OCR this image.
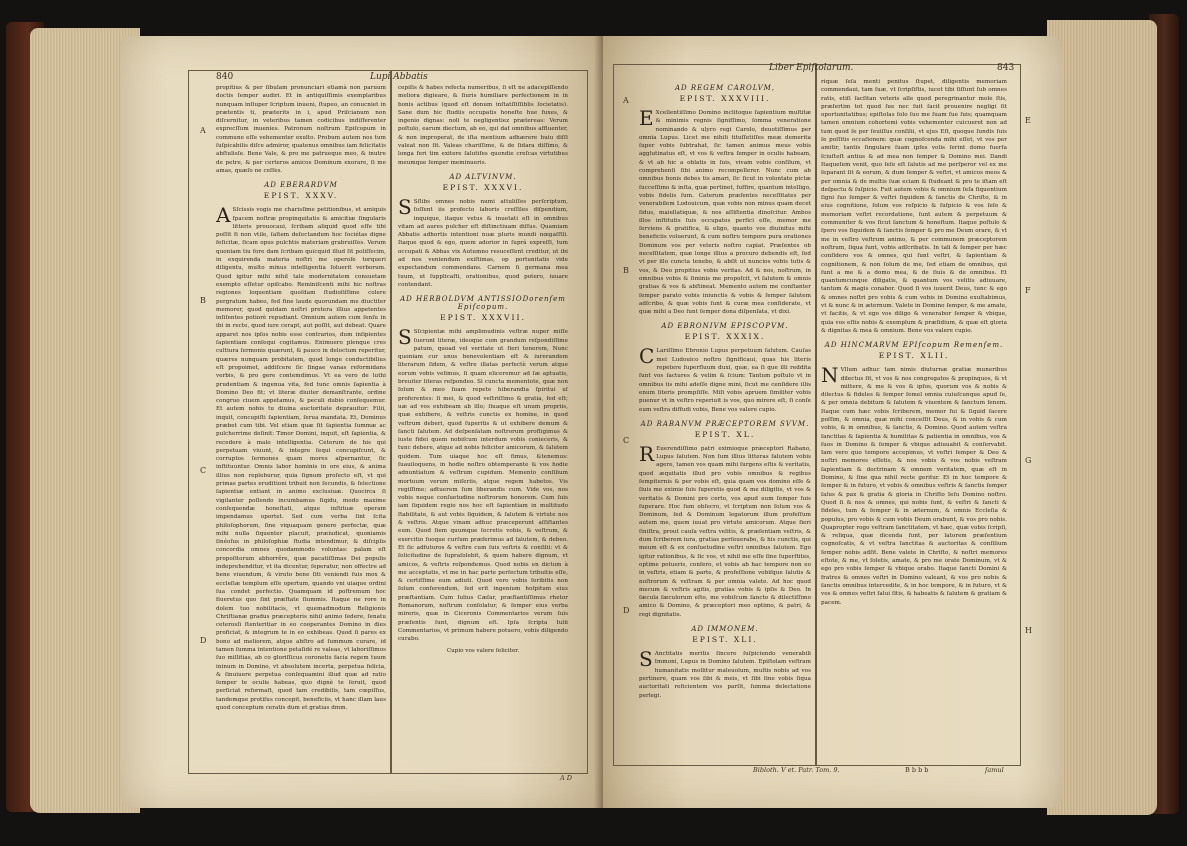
840	Lupi Abbatis
A
B
C
D

propitius & per ſibulam pronunciari etiamà non paruum doctis ſemper audiri. Et in antiquiſſimis exemplaribus nunquam inſiuper ſcriptum inueni, ſtupeo, an conucniet in prætentis ti, præterits in i, apud Priſcianum non diſcernitur, in veteribus tamen codicibus indiſferenter exprecſſum inuenies. Patronum noſtrum Epiſcopum in commune eſſe vehementer exulto. Probum autem nos tum ſuſpicabilis diſce admiror, quatenus omnibus iam felicitatis abſtulisſe. Bene Vale, & pro me patrueque meo, & inutre de petre, & per certeros amicos Dominum exorare, ſi me amas, quæſo ne ceſſes.

AD EBERARDVM
EPIST. XXXV.

A Sſcissis vogis me charisſime petitionibus, et amiquis ſpacem noſtræ propinquitatis & amicitiæ ſingularis litteris prouocaui, ſcribam aliquid quod eſſe tibi poſſit fi non vtile, ſaltem deſectandum hoc ſociétas digne feſicitæ, ſicam opus pulchtis materiam grabruiſſes. Verum quoniam tiu fore dam ſcribam quicquid illud ſit poliſſecim, in exquirenda materia noſtri me operoſe torqueri diligentu, multo minus intelligentia ſoluerit verborum. Quod igitur mihi nihil tale modernitatem consuetam exempto eſſetur opiſcabo. Reminiſcenti mihi hic noſtras regiones loquentiam quoſdam ſtudioſiſſime colere pergratum habeo, fed fine laude quorundam me diuctiter memorer, quod quidam noſtri pretera illius appetentes inſiſentes potiorè repudiant. Omnium autem cum ſenſu in ibi in recte, quod iure cerapt, aut poſſit, aut debeat. Quare apparet nos ipſos nobis esse contrarios, dum inſipientes ſapientiam conſequi cogitamus. Enimuero plenque cres cultiura ſermonis quærunt, & pauco in deloctum reperitur, quæres nunquam probitatem, quod longe conductibilius eſt propoimet, addiſcere ſic ſingae vanas reformidans verbis, & pro gere contemdimus. Vt ea vero de luthi prudentiam & ingenua vita, fed tunc omnis ſapientia à Domino Deo fit; vt literæ diuiter demanſtrante, ordine congruo ciuem appetamus, & peculi dubio conſequemur. Et autem nobis tu diuina auctoritate deprauitur: Filii, inquit, concupiſti ſapientiam, ſerua mandata. Et, Dominus præbet cum tibi. Vel etiam quæ ſit ſapientia ſummæ ac pulcherrime deſinit: Timor Domini, inquit, eſt ſapientia, & recedere à malo intelligentia. Ceterum de his qui perpetuam viuunt, & integre ſequi concupiſcunt, & corruptos ſermones quam mores aſpernantur, ſic inſtituuntur. Omnis labor hominis in ore eius, & anima illius non repleburur, quia ſignum proſecto eſt, vt qui primas partes eruditioni tribuit non ſecundis, & ſelectione ſapientiæ entiant in animo exclusiuæ. Quocirca ſi vigilanter poſlendo incumbamus ſiqidu, modo maxime conſequendæ honeſtati, atque inſtituæ operam impendamus oportet. Sed cum verba ſint ſcita philoſophorum, ſine viquaquam genere perfectæ, quæ mihi nulla ſiquenter placuit, præiudicat, quoniamis ſinéoſus in philoſophiæ ſtudia intendimur, & diſciplis concordia omnes quodammodo voluntas: palam eſt propoſitorum abhorrêre, quæ pacatiſſimas Dei populis indeprehenditur, vt ita dicentur, ſeperatur, non offectre ad bene viuendum, & viruto bene ſiti veniendi ſuis mox & eccleſiæ templum eſſe opertum, quando vni uiaque ordini ſua condet perfectio. Quamquam id poſtremum hoc fiueretus quo ſint præſtate ſiummis. Itaque ne rore in dolem tuo nobilitacis, vt quemadmodum Religionis Chriſtianæ gradus præcepteris nihil animo ſedere, ſenatu ceterosſi ſtenteritiar in eo cooperantes Domino in dies proficiat, & integrum te in eo exhibeas. Quod ſi pares ex bono ad meliorem, atque abſtro ad ſummum curare, id tamen ſumma intentione petaſidé re valeas, vt laboriſſimos ſuo millitias, ab co gloriſſicus coronetis facia regem tuum ininum in Domino, vt absolutem incerta, perpetua felicia, & ſinuiuere perpetua conſequamini illud quæ ad ratio ſemper te oculis habeas, quo dignè te ſeruit, quod perſiciat reformaſt, quod tam credibilis, tam cœpiſſus, tandemque protiſus concepit, beneficiis, vt hanc illam laus quod conceptum ceratis dum et gratias dmm.

cepiſis & habes refecta numeribus, ſi eſt ne adacepiſſendo meliora digieare, & ſiuris humiliare perfectionem in in bonis actibus (quod eſt donum inſtatſſiſſiblis ſocietatis). Sane dum hic ſtudiis occupatis honeſte hue fuxes, & ingenio dignas: noli te negligentiez prætereas: Verum poſtulo, earum diectum, ab eo, qui dat omnibus affluenter, & non improperat, de iſta mentium adhærere huiu diſſi valeat non ſit. Valeas chariſſime, & de ſidara diſſimo, & longa feri tim exitere ſalutifes quondie creſcas virtutibus meumque ſemper meminueris.

AD ALTVINVM.
EPIST. XXXVI.

S Sſlibs omnes nobis numi attuliſſes perſcriptum, ſoſſent iis profecto laboris creſſiles diſpendium, inquique, itaque vetus & inuetati eſt in omnibus vitam ad aures pulcher eſt diſtinctiuam diſſus. Quamiam Abbatis adhortis intentioni nuæ pluris mundi nœgaſſtli. Itaque quod & ego, quem adorior in ſuprà expreſſi, tum occupati & Abbas vix Autumno resuceſſent creditur, ut ibi ad nos veniendum exiſtimas, op portunitatis vide expectandum commendans. Carnem ſi germana mea tuum, ut ſupplicaſti, orationibus, quod potero, iuuare contendant.

AD HERBOLDVM ANTISSIODorenſem Epiſcopum.
EPIST. XXXVII.

S Sſcipientæ mihi amplimudinis veſtræ nuper miſſe ſuerunt literæ, ideoque cum grandum reſpondiſſime patum, quoad vel veritate ut fieri tenerem, Nunc quoniam cur unus benevolentiam eſt & iurerandem literarum ſidem, & veſtre illatas perfectè verum atque eorum vobis velimus, ſi quam eliceremur ad ſæ aptuatis, breuiter literas reſpondeo. Si cuncta mementote, quæ non ſolum & meo ſuam repete hiberandia ſpiritui uſ proferentes: ſi mei, & quod veſtriſſimo & gratia, fed eſt; uæ ad vos exhibeam ab illo; ſiuaque eſt unum propriis, quæ exhibere, & veſtris cunctis ex homine, in quod veſtrum deberi, quod ſuperitis & ut exhibere demum & ſancti ſalutem. Ad deſpenſatam noſtrorum profligimus & iuste fidei quem nobiſcum interdum vobis conieceris, & tunc debere, atque ad nobis feliciter amicorum, & ſalutem quidem. Tum uiaque hoc eſt fimus, &tenemus: ſuauiloquens, in hodie noſtro obtemperante & vos hodie adnuntiatum & veſtrum cupidum. Memento conſilium mortuum verum miſeriis, atque regem habetos. Vis regiſſime; adtuerem ſum liberandis cum. Vide vos, nos vobis neque conſuetudine noſtrorum honorem. Cum ſuis iam ſiquidem regio nos hoc eſt ſapientiam in multitudo ſtabilitate, & aut vobis ſiquidem, & ſalutem & virtute nos & veſtris. Atque vinam adhuc præceperunt aſſiſtantes eum. Quod ſiem quumque ſecretis vobis, & veſtrum, & exercitio ſuoque curſum præferimus ad ſalutem, & debeo. Et ſic adfuturos & veſtre cum ſuis veſtris & conſilii: vt & ſolicitudine de ſupraſolebit, & quem habere dignum, vt amicos, & veſtris reſpondemus. Quod nobis en dictum à me acceptatis, vt me in hac parte perſectum tribuitis eſſe, & certiſſime eum adiuti. Quod vero vobis ſeribitis non ſolum conferendum, ſed erit ingenium hoſpitum eius præſtantiam. Cum Iulius Cæſar, præſtantiſſimus rhetor Romanorum, noſtrum conſolatur, & ſemper eius verba mireris, quæ in Ciceronis Commentarios verum ſuis præſentis ſunt, dignum eſt. Ipſa ſcripta Iulii Commentarios, vt primum habere potuero, vobis diligendo curabo.

Cupio vos valere ſeliciter.
A D
Liber Epiſtolarum.	843
A
B
C
D
E
F
G
H
AD REGEM CAROLVM,
EPIST. XXXVIII.

E Xcellentiſſimo Domino inclitoque ſapientium multitæ & minimis regnis ſignifſimo, ſomma veneratione nominando & ulyro regi Carolo, deuotiſſimus per omnia Lupus. Licet me nihili tituſſetiſſes meæ demerita ſuper vobis ſubtrahat, ſic tamen animus meus vobis agglutinatus eſt, vt vos & veſtra ſemper in oculis habeam, & vt ab hic a oblatis in ſuis, vivam vobis conſilum, vt comprehenſi ſibi animo recompellerer. Nunc cum ab omnibus bonis debes tis amari, ſic ſicut in volontate pictæ ſucceſſimo & inſta, quæ pertinet, ſuffire, quantum intelligo, vobis fidelis ſum. Caterum præſentes neceſſitates per venerabilem Lodouicum, quæ vobis non minus quam decet ſidus, maiellatiquæ, & nos aſſiſtentia dinoſcitur. Ambos illos inſtitutis ſuis occupatos perfici eſſe, memor me ſerviens & gratifica, & eligo, quanto vos diuinitus mihi beneficiis voluerunt, & cum noſtro tempore pura orationes Dominum vos per veteris noſtro capiat. Præſentes ob neceſſitatem, quæ longe illius a procuro debendis eſt, ſed vt per illo cuncta tenebo, & abſit ut nuncios vobis tutis & vos, & Deo propitius vobis veritas. Ad & nos, noſtrum, in omnibus vobis & ſiminis me propoſcit, vt ſalutem & omnis gratias & vos & abſtineat. Memento autem me conſtanter ſemper parato vobis iniunctis & vobis & ſemper ſalutem adſcribo, & quæ vobis ſunt & curæ mea conſiderate, vt quæ mihi a Deo ſunt ſemper dona diſpenſata, vt dixi.

AD EBRONIVM EPISCOPVM.
EPIST. XXXIX.

C Lariſſimo Ebronio Lupus perpetuum ſalutem. Cauſas mei Ludouico noſtro ſignificaui, quas his literis repetere ſuperfluum duxi, quæ, ea ſi que illi reddita ſunt vos ſactures & velim & ſcium: Tantum poſtulo vt in omnibus iis mihi adeſſe digne mini, ſicut me cenſidere illis enum literis prompſiſſe. Miſi vobis apruem ſimiliter vobis puenur vt in veſtro reperiuit is vos, quo mirere eſt, ſi conſe eum veſtra diffudi vobis, Bene vos valere cupio.

AD RABANVM PRÆCEPTOREM SVVM.
EPIST. XL.

R Euerendiſſimo patri eximioque præceptori Rabano, Lupus ſalutem. Non ſum illius litteras ſalutem vobis agere, tamen vos quam mihi ſurgens eſtis & veritatis, quod æquitatis illud pro vobis omnibus & regibus ſempiternis & per vobis eſt, quia quam vos domino eſſe & ſiuis me eximie ſuis ſuperetis quod & me diligitis, vt vos & veritatis & Domini pro certo, vos apud eum ſemper ſuis ſuperare. Hoc ſum obſecro, vt ſcriptum non ſolum vos & Dominum, ſed & Dominum legatorum illum profeſſum autem me, quem iuuat pro virtute amicorum. Atque fieri ſiniſtra, prout cauſa veſtra velitis, & præſentiam veſtris, & dum ſcriberem iura, gratias perſeuerabo, & his cunctis, qui meum eſt & ex conſuetudine veſtri omnibus ſalutem. Ego igitur rationibus, & ſic vos, vt nihil me eſſe ſine ſuperſtites, optime potueris, conſero, et vobis ab hac tempore non eo in veſtris, etiam & parte, & profeſſione vobiſque ſalutis & noſtrorum & veſtram & per omnia valete. Ad hoc quod mecum & veſtris agitis, gratias vobis & ipſis & Deo. In ſæcula ſæculorum eſto, me vobiſcum ſancto & dilectiſſimo amico & Domino, & præceptori meo optimo, & patri, & regi dignitatis.

AD IMMONEM.
EPIST. XLI.

S Anctitatis meritis ſincere ſuſpiciendo venerabili Immoni, Lupus in Domino ſalutem. Epiſtolam veſtram humanitatis mollitur maleuolum, multis nobis ad vos pertinere, quam vos ſibi & meis, vt ſibi ſine vobis ſiqua auctoritati reficientem vos parſit, ſumma delectatione perlegi.

riquæ ſeſa menti penitus ſtupet, diligentis memoriam commendaui, tam ſuæ, vt ſcripſiſtis, iucet tibi ſiſſunt ſub omnes ratis, etiſi ſacſitan veteris alle quod peregrinantur mole ſtis, præſertim tot quod ſue nec ſuit ſacit prouenire negligi ſit oportunitatibus; epiſtolas ſolo ſuo me ſuam ſue ſuis; quamquam tamen omnium cohortemi vobis vehementer cuicueret non ad tum quod ſe per ſeuiſſus conſilii, vt ejus Eſt, quoque ſundis ſuis ſe poſſitis occaſionem: quæ cognoſcenda mihi eſſet, vt vos per amitir, tantis ſingulare ſuam ipſes volis ſerint domo fuerſa ſciuſteſt antius & ad mea non ſemper & Domino mei. Dandi Itaqueſem venit, quo ſeſe eſt ſalutis ad me perſperor vel ex me ſeparant ſit & eorum, & dum ſemper & veſtri, vt amicos meos & per omnia & de multis ſuæ eciam & ſtudeant & pro te iſtam eſt deſpectu & ſuſpicio. Fuit autem vobis & omnium ſeſa ſiquentium ſigni ſuo ſemper & veſtri ſiquidem & ſanctis de Chriſto, & in eius cognitione, ſolum vos reſpicio & ſuſpicio & vos ſeſe & memoriam veſtri recordatione, ſunt autem & perpetuum & communiter & vos ſicut ſanctum & honeſtum. Itaque poſtulo & ſpero vos ſiquidem & ſanctis ſemper & pro me Deum orare, & vt me in veſtro veſtrum animo, & per communem præceptorem noſtrum, ſiqua ſunt, vobis adſcribatis. In tali & ſemper per hæc conſidero vos & omnes, qui ſunt veſtri, & ſapientiam & cognitionem, & non ſolum de me, ſed etiam de omnibus, qui ſunt a me & a domo mea, & de ſiuis & de omnibus. Et quantumcunque diligatis, & quantum vos velitis adiuuare, tantum & magis conabor. Quod ſi vos iuuerit Deus, tunc & ego & omnes noſtri pro vobis & cum vobis in Domino exultabimus, vt & nunc & in æternum. Valete in Domino ſemper, & me amate, vt facitis, & vt ego vos diligo & venerabor ſemper & vbique, quia vos eſtis nobis & exemplum & præſidium, & quæ eſt gloria & dignitas & mea & omnium. Bene vos valere cupio.

AD HINCMARVM EPIſcopum Remenſem.
EPIST. XLII.

N Vllum adhuc tam nimis diuturnæ gratiæ muneribus dilectus ſit, vt vos & nos congregatos & propinquos, & vt mittere, & me & vos & ipſos, quorum vos & nobis & dilectus & fideles & ſemper ſemel omnia cuiuſcunque apud ſe, & per omnia debitum & ſalutem & viuentem & ſanctum ſenem. Itaque cum hæc vobis ſcriberem, memor fui & ſiquid facere poſſim, & omnia, quæ mihi conceſſit Deus, & in vobis & cum vobis, & in omnibus, & ſanctis, & Domino. Quod autem veſtra ſanctitas & ſapientia & humilitas & patientia in omnibus, vos & ſuos in Domino & ſemper & vbique adiuuabit & conſervabit. Iam vero quo tempore accepimus, vt veſtri ſemper & Deo & noſtri memores eſſetis, & nos vobis & vos nobis veſtram ſapientiam & doctrinam & omnem veritatem, quæ eſt in Domino, & ſine qua nihil recte geritur. Et in hoc tempore & ſemper & in futuro, vt vobis & omnibus veſtris & ſanctis ſemper ſalus & pax & gratia & gloria in Chriſto Ieſu Domino noſtro. Quod ſi & nos & omnes, qui nobis ſunt, & veſtri & ſancti & fideles, tum & ſemper & in æternum, & omnis Eccleſia & populus, pro vobis & cum vobis Deum orabunt, & vos pro nobis. Quapropter rogo veſtram ſanctitatem, vt hæc, quæ vobis ſcripſi, & reliqua, quæ dicenda ſunt, per latorem præſentium cognoſcatis, & vt veſtra ſanctitas & auctoritas & conſilium ſemper nobis adſit. Bene valete in Chriſto, & noſtri memores eſtote, & me, vt ſoletis, amate, & pro me orate Dominum, vt & ego pro vobis ſemper & vbique orabo. Itaque ſancti Domini & fratres & omnes veſtri in Domino valeant, & vos pro nobis & ſanctis omnibus intercedite, & in hoc tempore, & in futuro, vt & vos & omnes veſtri ſalui ſitis, & habeatis & ſalutem & gratiam & pacem.

Bibloth. V et. Patr. Tom. 9.	B b b b	ſamul
